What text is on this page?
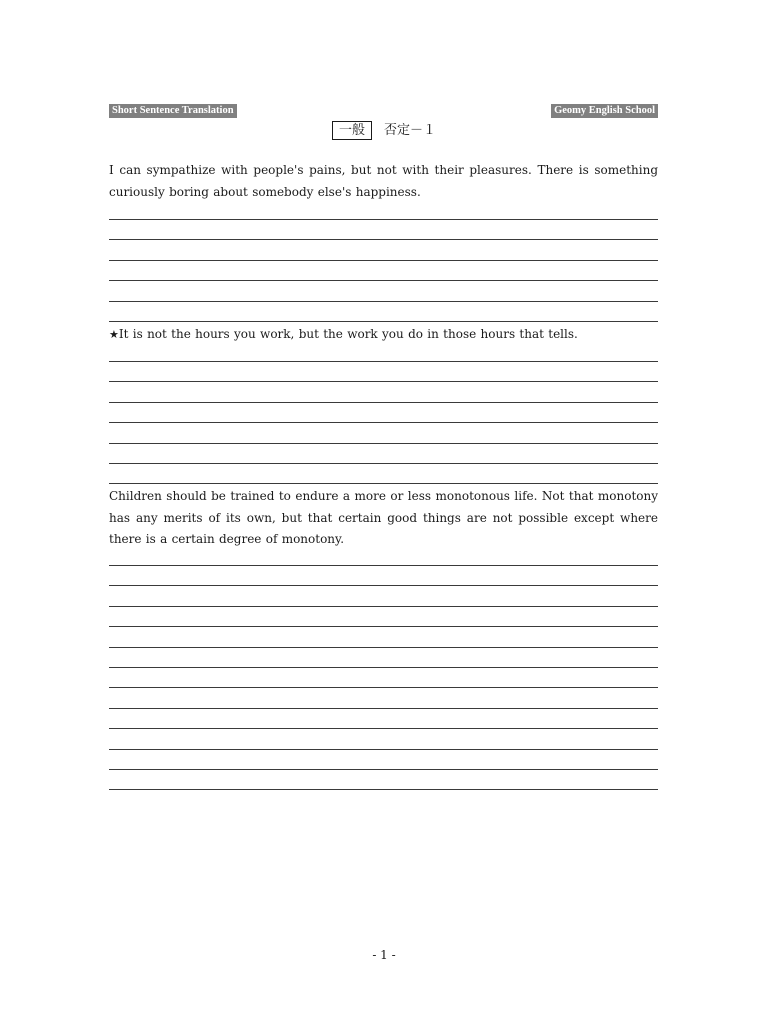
Short Sentence Translation	Geomy English School
一般 否定－１

I can sympathize with people's pains, but not with their pleasures. There is something curiously boring about somebody else's happiness.

★It is not the hours you work, but the work you do in those hours that tells.

Children should be trained to endure a more or less monotonous life. Not that monotony has any merits of its own, but that certain good things are not possible except where there is a certain degree of monotony.

- 1 -
